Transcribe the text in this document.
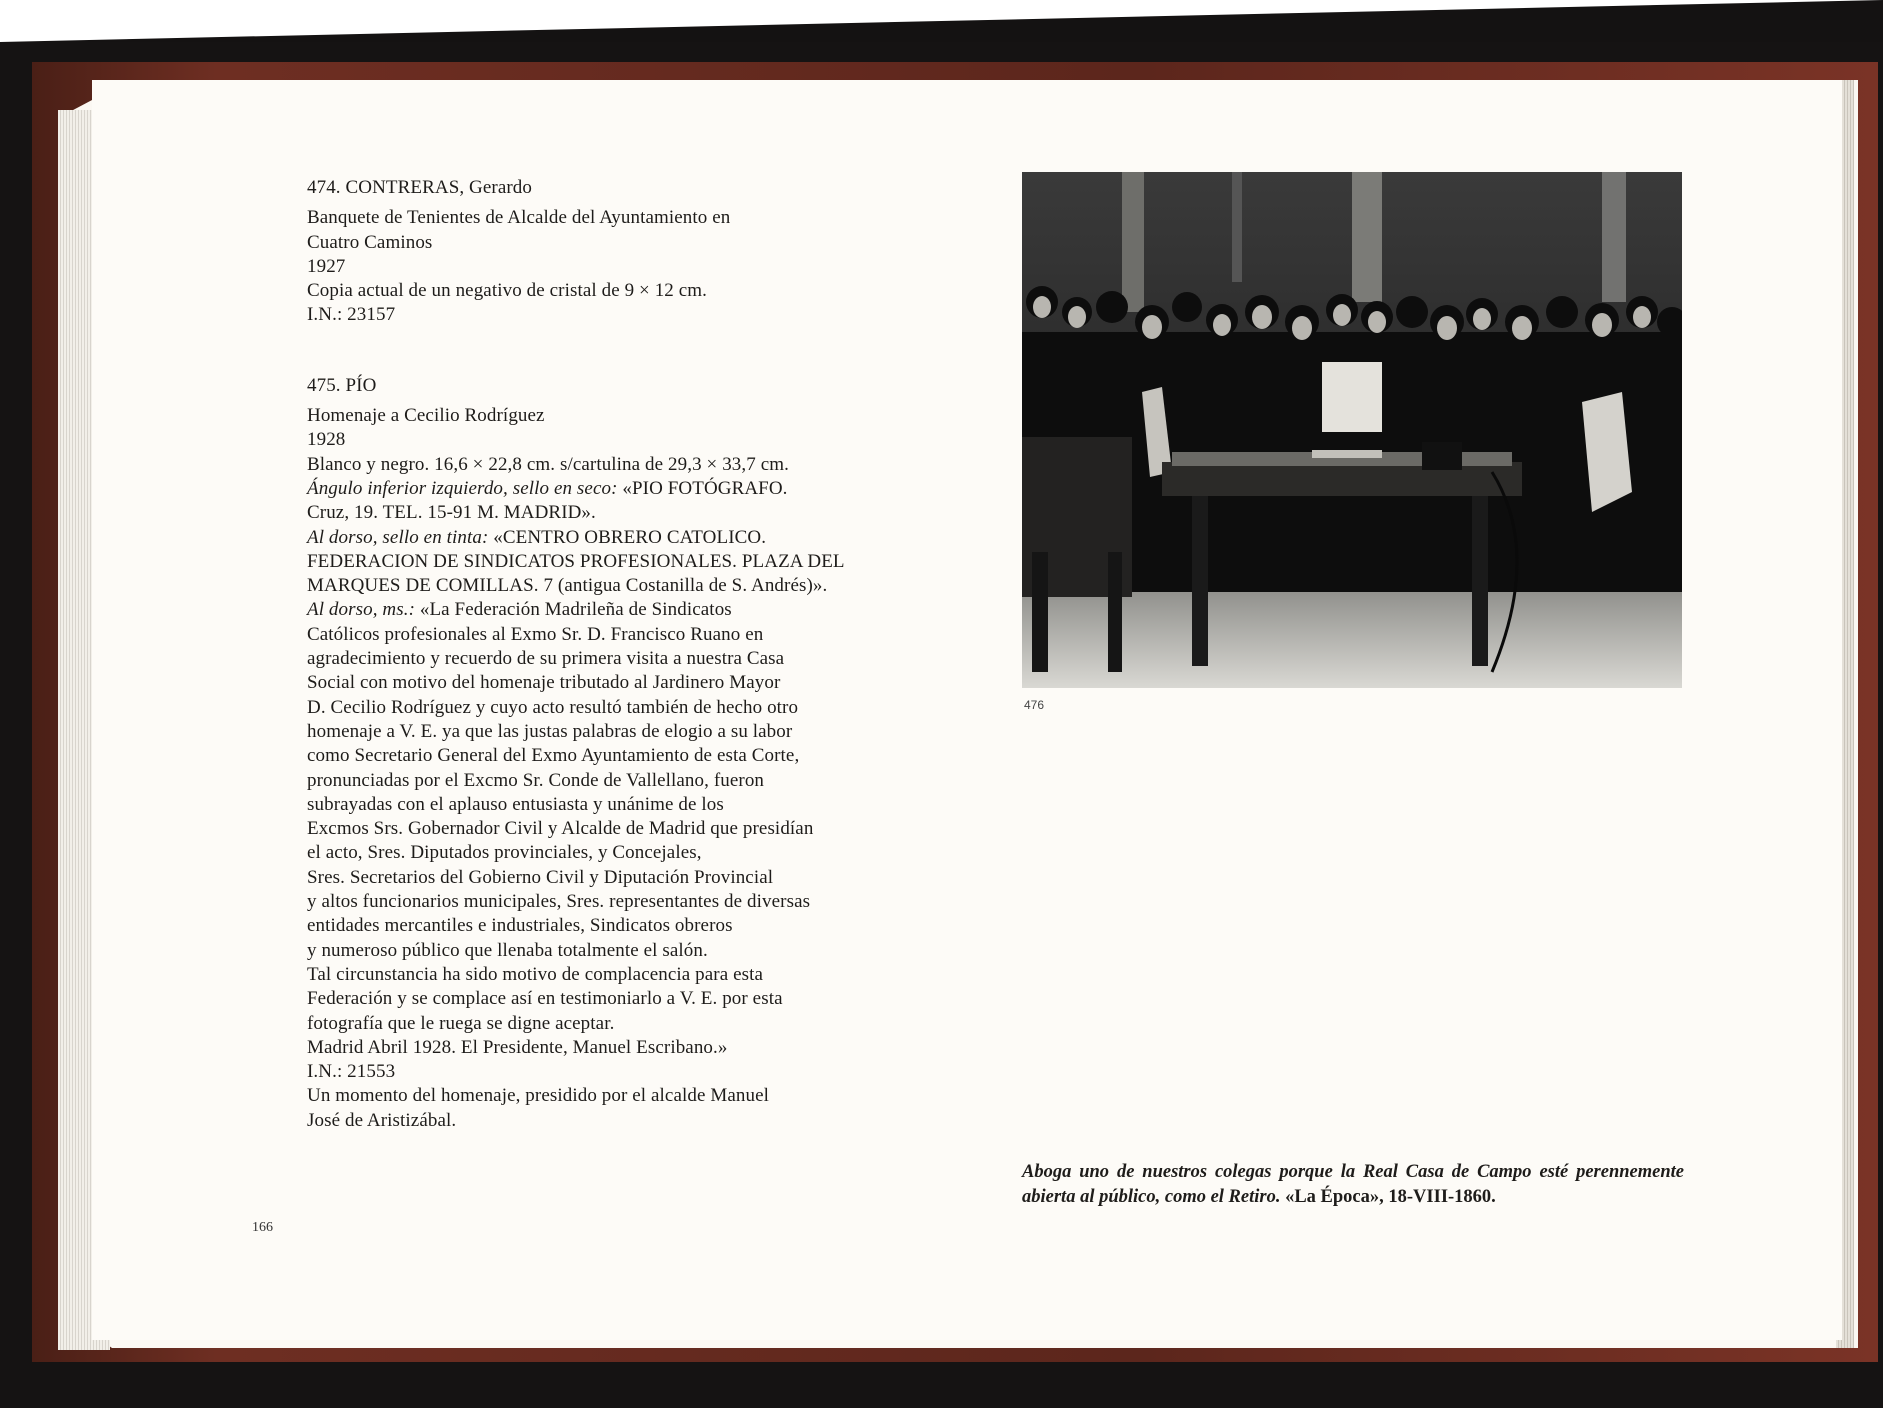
474. CONTRERAS, Gerardo

Banquete de Tenientes de Alcalde del Ayuntamiento en

Cuatro Caminos

1927

Copia actual de un negativo de cristal de 9 × 12 cm.

I.N.: 23157

475. PÍO

Homenaje a Cecilio Rodríguez

1928

Blanco y negro. 16,6 × 22,8 cm. s/cartulina de 29,3 × 33,7 cm.

Ángulo inferior izquierdo, sello en seco: «PIO FOTÓGRAFO.

Cruz, 19. TEL. 15-91 M. MADRID».

Al dorso, sello en tinta: «CENTRO OBRERO CATOLICO.

FEDERACION DE SINDICATOS PROFESIONALES. PLAZA DEL

MARQUES DE COMILLAS. 7 (antigua Costanilla de S. Andrés)».

Al dorso, ms.: «La Federación Madrileña de Sindicatos

Católicos profesionales al Exmo Sr. D. Francisco Ruano en

agradecimiento y recuerdo de su primera visita a nuestra Casa

Social con motivo del homenaje tributado al Jardinero Mayor

D. Cecilio Rodríguez y cuyo acto resultó también de hecho otro

homenaje a V. E. ya que las justas palabras de elogio a su labor

como Secretario General del Exmo Ayuntamiento de esta Corte,

pronunciadas por el Excmo Sr. Conde de Vallellano, fueron

subrayadas con el aplauso entusiasta y unánime de los

Excmos Srs. Gobernador Civil y Alcalde de Madrid que presidían

el acto, Sres. Diputados provinciales, y Concejales,

Sres. Secretarios del Gobierno Civil y Diputación Provincial

y altos funcionarios municipales, Sres. representantes de diversas

entidades mercantiles e industriales, Sindicatos obreros

y numeroso público que llenaba totalmente el salón.

Tal circunstancia ha sido motivo de complacencia para esta

Federación y se complace así en testimoniarlo a V. E. por esta

fotografía que le ruega se digne aceptar.

Madrid Abril 1928. El Presidente, Manuel Escribano.»

I.N.: 21553

Un momento del homenaje, presidido por el alcalde Manuel

José de Aristizábal.

166
476
Aboga uno de nuestros colegas porque la Real Casa de Campo esté perennemente abierta al público, como el Retiro. «La Época», 18-VIII-1860.
